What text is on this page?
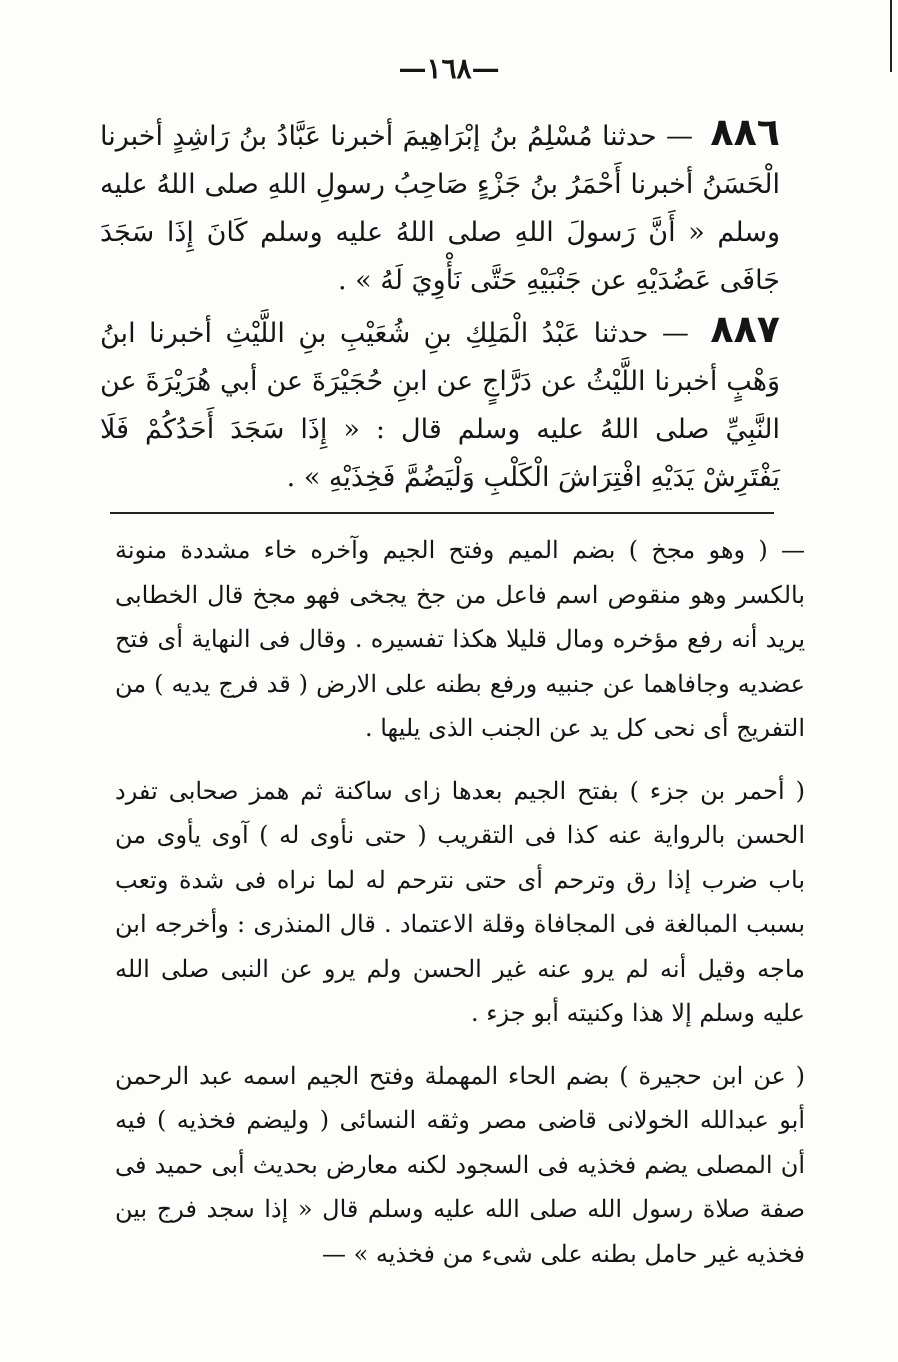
—١٦٨—

٨٨٦ — حدثنا مُسْلِمُ بنُ إبْرَاهِيمَ أخبرنا عَبَّادُ بنُ رَاشِدٍ أخبرنا الْحَسَنُ أخبرنا أَحْمَرُ بنُ جَزْءٍ صَاحِبُ رسولِ اللهِ صلى اللهُ عليه وسلم « أَنَّ رَسولَ اللهِ صلى اللهُ عليه وسلم كَانَ إِذَا سَجَدَ جَافَى عَضُدَيْهِ عن جَنْبَيْهِ حَتَّى نَأْوِيَ لَهُ » .

٨٨٧ — حدثنا عَبْدُ الْمَلِكِ بنِ شُعَيْبِ بنِ اللَّيْثِ أخبرنا ابنُ وَهْبٍ أخبرنا اللَّيْثُ عن دَرَّاجٍ عن ابنِ حُجَيْرَةَ عن أبي هُرَيْرَةَ عن النَّبِيِّ صلى اللهُ عليه وسلم قال : « إِذَا سَجَدَ أَحَدُكُمْ فَلَا يَفْتَرِشْ يَدَيْهِ افْتِرَاشَ الْكَلْبِ وَلْيَضُمَّ فَخِذَيْهِ » .

— ( وهو مجخ ) بضم الميم وفتح الجيم وآخره خاء مشددة منونة بالكسر وهو منقوص اسم فاعل من جخ يجخى فهو مجخ قال الخطابى يريد أنه رفع مؤخره ومال قليلا هكذا تفسيره . وقال فى النهاية أى فتح عضديه وجافاهما عن جنبيه ورفع بطنه على الارض ( قد فرج يديه ) من التفريج أى نحى كل يد عن الجنب الذى يليها .

( أحمر بن جزء ) بفتح الجيم بعدها زاى ساكنة ثم همز صحابى تفرد الحسن بالرواية عنه كذا فى التقريب ( حتى نأوى له ) آوى يأوى من باب ضرب إذا رق وترحم أى حتى نترحم له لما نراه فى شدة وتعب بسبب المبالغة فى المجافاة وقلة الاعتماد . قال المنذرى : وأخرجه ابن ماجه وقيل أنه لم يرو عنه غير الحسن ولم يرو عن النبى صلى الله عليه وسلم إلا هذا وكنيته أبو جزء .

( عن ابن حجيرة ) بضم الحاء المهملة وفتح الجيم اسمه عبد الرحمن أبو عبدالله الخولانى قاضى مصر وثقه النسائى ( وليضم فخذيه ) فيه أن المصلى يضم فخذيه فى السجود لكنه معارض بحديث أبى حميد فى صفة صلاة رسول الله صلى الله عليه وسلم قال « إذا سجد فرج بين فخذيه غير حامل بطنه على شىء من فخذيه » —
